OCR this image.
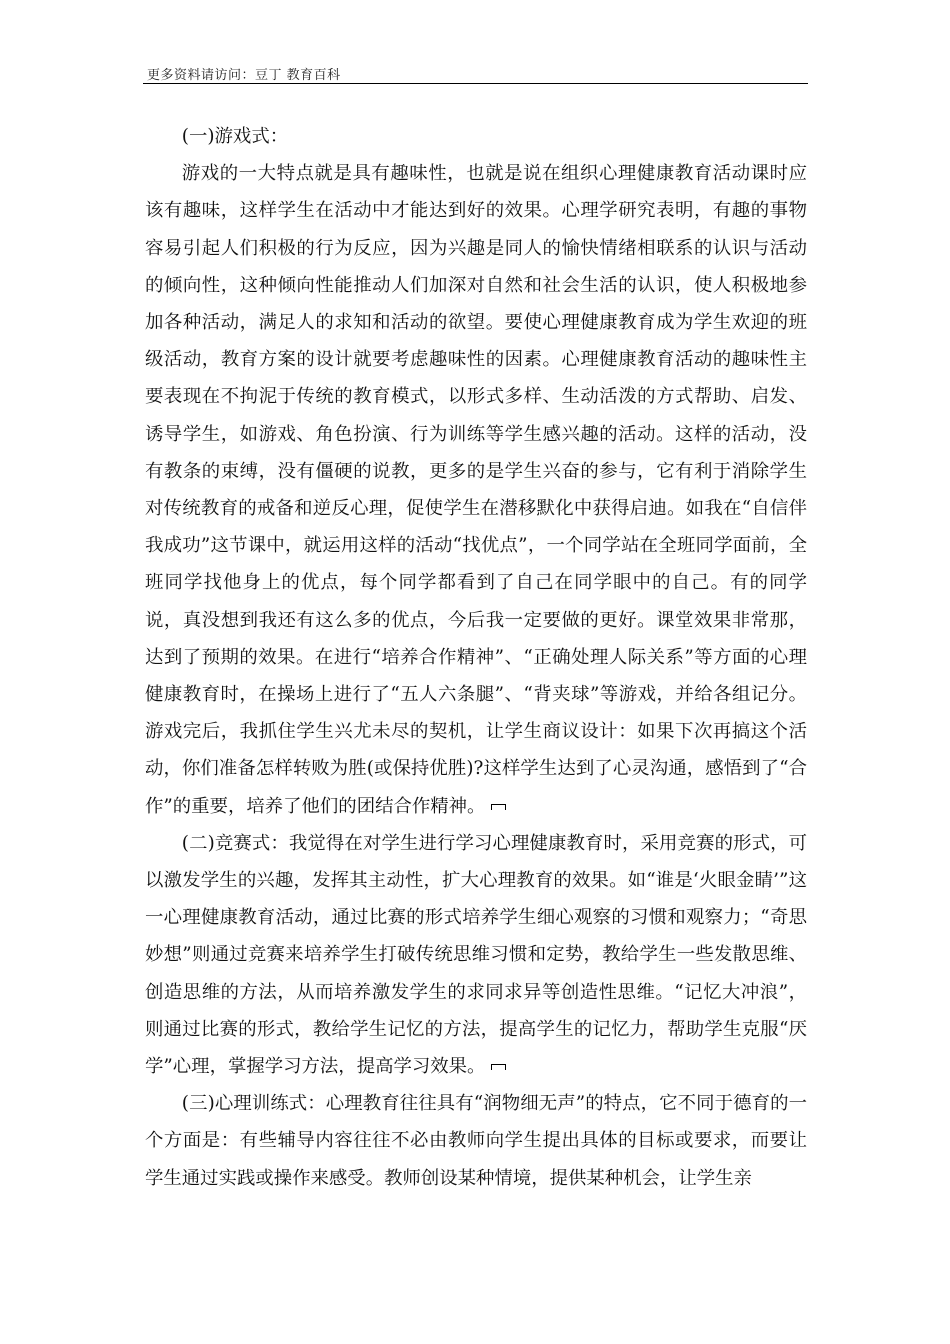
更多资料请访问：豆丁 教育百科

(一)游戏式：

游戏的一大特点就是具有趣味性，也就是说在组织心理健康教育活动课时应该有趣味，这样学生在活动中才能达到好的效果。心理学研究表明，有趣的事物容易引起人们积极的行为反应，因为兴趣是同人的愉快情绪相联系的认识与活动的倾向性，这种倾向性能推动人们加深对自然和社会生活的认识，使人积极地参加各种活动，满足人的求知和活动的欲望。要使心理健康教育成为学生欢迎的班级活动，教育方案的设计就要考虑趣味性的因素。心理健康教育活动的趣味性主要表现在不拘泥于传统的教育模式，以形式多样、生动活泼的方式帮助、启发、诱导学生，如游戏、角色扮演、行为训练等学生感兴趣的活动。这样的活动，没有教条的束缚，没有僵硬的说教，更多的是学生兴奋的参与，它有利于消除学生对传统教育的戒备和逆反心理，促使学生在潜移默化中获得启迪。如我在“自信伴我成功”这节课中，就运用这样的活动“找优点”，一个同学站在全班同学面前，全班同学找他身上的优点，每个同学都看到了自己在同学眼中的自己。有的同学说，真没想到我还有这么多的优点，今后我一定要做的更好。课堂效果非常那，达到了预期的效果。在进行“培养合作精神”、“正确处理人际关系”等方面的心理健康教育时，在操场上进行了“五人六条腿”、“背夹球”等游戏，并给各组记分。游戏完后，我抓住学生兴尤未尽的契机，让学生商议设计：如果下次再搞这个活动，你们准备怎样转败为胜(或保持优胜)?这样学生达到了心灵沟通，感悟到了“合作”的重要，培养了他们的团结合作精神。

(二)竞赛式：我觉得在对学生进行学习心理健康教育时，采用竞赛的形式，可以激发学生的兴趣，发挥其主动性，扩大心理教育的效果。如“谁是‘火眼金睛’”这一心理健康教育活动，通过比赛的形式培养学生细心观察的习惯和观察力；“奇思妙想”则通过竞赛来培养学生打破传统思维习惯和定势，教给学生一些发散思维、创造思维的方法，从而培养激发学生的求同求异等创造性思维。“记忆大冲浪”，则通过比赛的形式，教给学生记忆的方法，提高学生的记忆力，帮助学生克服“厌学”心理，掌握学习方法，提高学习效果。

(三)心理训练式：心理教育往往具有“润物细无声”的特点，它不同于德育的一个方面是：有些辅导内容往往不必由教师向学生提出具体的目标或要求，而要让学生通过实践或操作来感受。教师创设某种情境，提供某种机会，让学生亲
